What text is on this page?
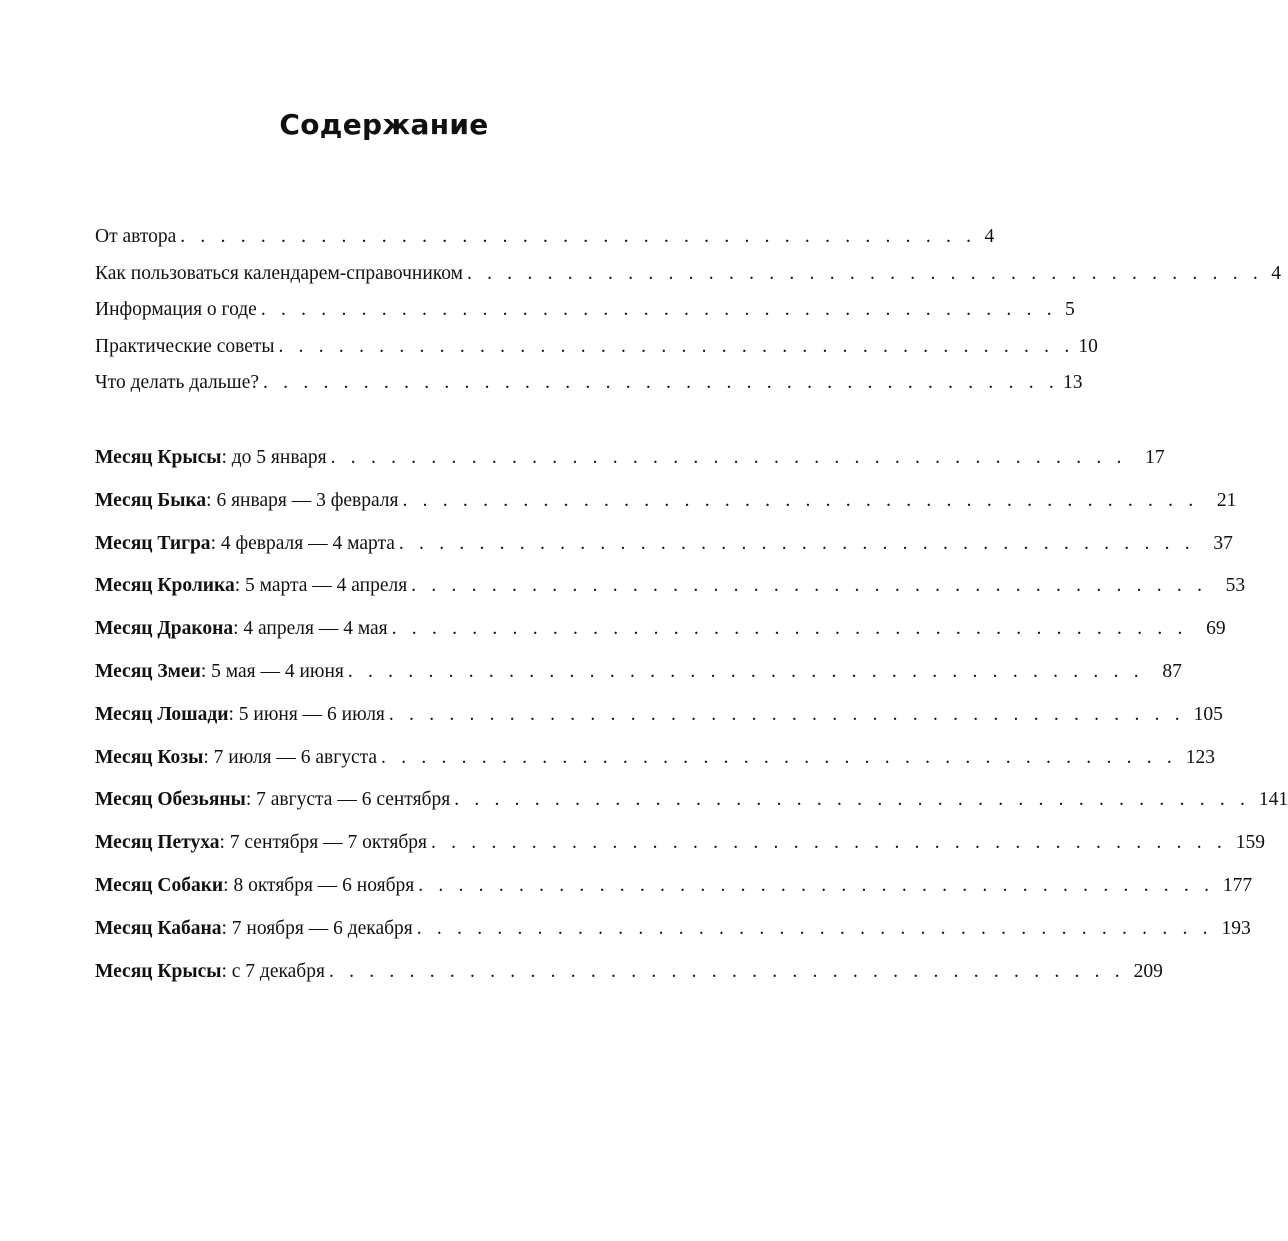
Содержание
От автора . . . . . . . . . . . . . . . . . . . . . . . . . . . . . . . . . . . . . . . . 4
Как пользоваться календарем-справочником . . . . . . . . . . . . . . . . . . . . . . . . . . . . . . . . . . . . . . . . 4
Информация о годе . . . . . . . . . . . . . . . . . . . . . . . . . . . . . . . . . . . . . . . . 5
Практические советы . . . . . . . . . . . . . . . . . . . . . . . . . . . . . . . . . . . . . . . . 10
Что делать дальше? . . . . . . . . . . . . . . . . . . . . . . . . . . . . . . . . . . . . . . . . 13
Месяц Крысы: до 5 января . . . . . . . . . . . . . . . . . . . . . . . . . . . . . . . . . . . . . . . . 17
Месяц Быка: 6 января — 3 февраля . . . . . . . . . . . . . . . . . . . . . . . . . . . . . . . . . . . . . . . . 21
Месяц Тигра: 4 февраля — 4 марта . . . . . . . . . . . . . . . . . . . . . . . . . . . . . . . . . . . . . . . . 37
Месяц Кролика: 5 марта — 4 апреля . . . . . . . . . . . . . . . . . . . . . . . . . . . . . . . . . . . . . . . . 53
Месяц Дракона: 4 апреля — 4 мая . . . . . . . . . . . . . . . . . . . . . . . . . . . . . . . . . . . . . . . . 69
Месяц Змеи: 5 мая — 4 июня . . . . . . . . . . . . . . . . . . . . . . . . . . . . . . . . . . . . . . . . 87
Месяц Лошади: 5 июня — 6 июля . . . . . . . . . . . . . . . . . . . . . . . . . . . . . . . . . . . . . . . . 105
Месяц Козы: 7 июля — 6 августа . . . . . . . . . . . . . . . . . . . . . . . . . . . . . . . . . . . . . . . . 123
Месяц Обезьяны: 7 августа — 6 сентября . . . . . . . . . . . . . . . . . . . . . . . . . . . . . . . . . . . . . . . . 141
Месяц Петуха: 7 сентября — 7 октября . . . . . . . . . . . . . . . . . . . . . . . . . . . . . . . . . . . . . . . . 159
Месяц Собаки: 8 октября — 6 ноября . . . . . . . . . . . . . . . . . . . . . . . . . . . . . . . . . . . . . . . . 177
Месяц Кабана: 7 ноября — 6 декабря . . . . . . . . . . . . . . . . . . . . . . . . . . . . . . . . . . . . . . . . 193
Месяц Крысы: с 7 декабря . . . . . . . . . . . . . . . . . . . . . . . . . . . . . . . . . . . . . . . . 209
